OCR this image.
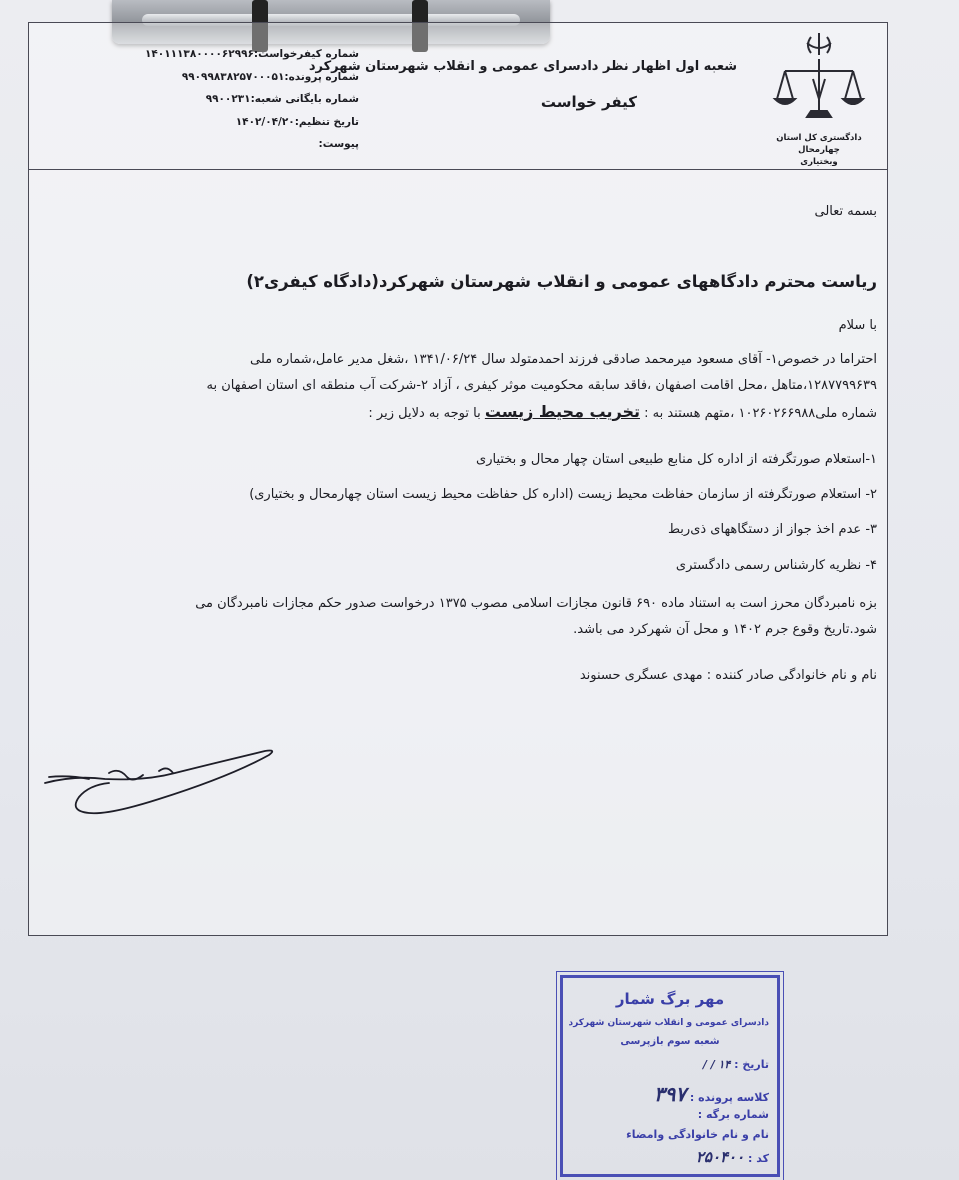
دادگستری کل استان چهارمحال
وبختیاری
شعبه اول اظهار نظر دادسرای عمومی و انقلاب شهرستان شهرکرد
کیفر خواست
شماره کیفرخواست:۱۴۰۱۱۱۳۸۰۰۰۰۶۲۹۹۶
شماره پرونده:۹۹۰۹۹۸۳۸۲۵۷۰۰۰۵۱
شماره بایگانی شعبه:۹۹۰۰۲۳۱
تاریخ تنظیم:۱۴۰۲/۰۴/۲۰
پیوست:
بسمه تعالی
ریاست محترم دادگاههای عمومی و انقلاب شهرستان شهرکرد(دادگاه کیفری۲)
با سلام
احتراما در خصوص۱- آقای مسعود میرمحمد صادقی فرزند احمدمتولد سال ۱۳۴۱/۰۶/۲۴ ،شغل مدیر عامل،شماره ملی
۱۲۸۷۷۹۹۶۳۹،متاهل ،محل اقامت اصفهان ،فاقد سابقه محکومیت موثر کیفری ، آزاد ۲-شرکت آب منطقه ای استان اصفهان به
شماره ملی۱۰۲۶۰۲۶۶۹۸۸ ،متهم هستند به : تخریب محیط زیست با توجه به دلایل زیر :
۱-استعلام صورتگرفته از اداره کل منابع طبیعی استان چهار محال و بختیاری
۲- استعلام صورتگرفته از سازمان حفاظت محیط زیست (اداره کل حفاظت محیط زیست استان چهارمحال و بختیاری)
۳- عدم اخذ جواز از دستگاههای ذی‌ربط
۴- نظریه کارشناس رسمی دادگستری
بزه نامبردگان محرز است به استناد ماده ۶۹۰ قانون مجازات اسلامی مصوب ۱۳۷۵ درخواست صدور حکم مجازات نامبردگان می
شود.تاریخ وقوع جرم ۱۴۰۲ و محل آن شهرکرد می باشد.
نام و نام خانوادگی صادر کننده : مهدی عسگری حسنوند
مهر برگ شمار
دادسرای عمومی و انقلاب شهرستان شهرکرد
شعبه سوم بازپرسی
تاریخ : ۱۴ / /
کلاسه پرونده : ۳۹۷
شماره برگه :
نام و نام خانوادگی وامضاء
کد : ۲۵۰۴۰۰
